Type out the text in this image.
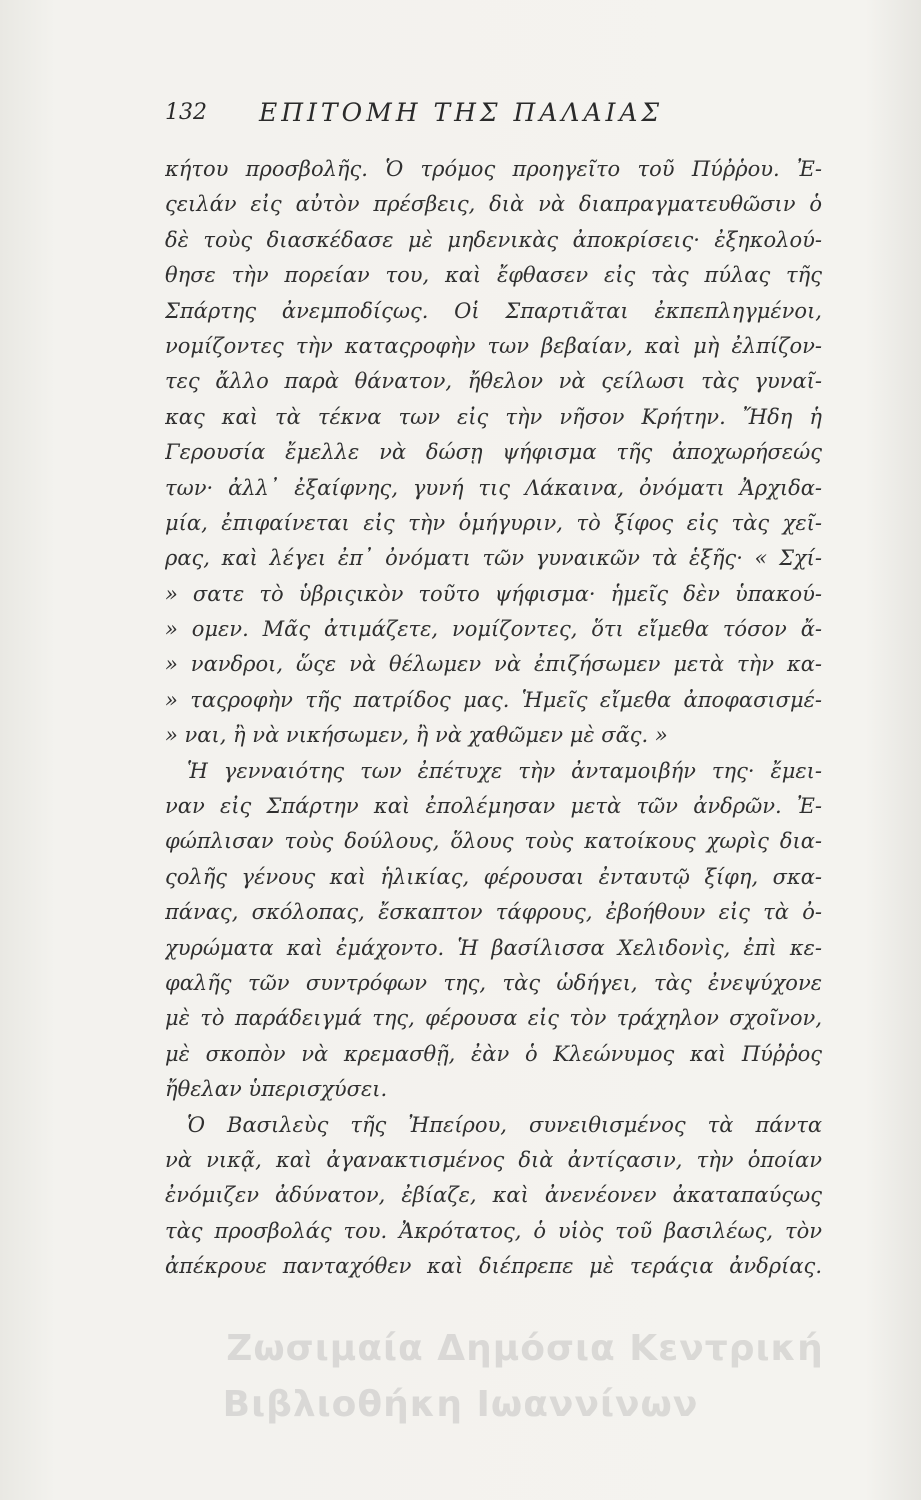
132 ΕΠΙΤΟΜΗ ΤΗΣ ΠΑΛΑΙΑΣ
κήτου προσβολῆς. Ὁ τρόμος προηγεῖτο τοῦ Πύῤῥου. Ἐ-
ςειλάν εἰς αὐτὸν πρέσβεις, διὰ νὰ διαπραγματευθῶσιν ὁ
δὲ τοὺς διασκέδασε μὲ μηδενικὰς ἀποκρίσεις· ἐξηκολού-
θησε τὴν πορείαν του, καὶ ἔφθασεν εἰς τὰς πύλας τῆς
Σπάρτης ἀνεμποδίςως. Οἱ Σπαρτιᾶται ἐκπεπληγμένοι,
νομίζοντες τὴν καταςροφὴν των βεβαίαν, καὶ μὴ ἐλπίζον-
τες ἄλλο παρὰ θάνατον, ἤθελον νὰ ςείλωσι τὰς γυναῖ-
κας καὶ τὰ τέκνα των εἰς τὴν νῆσον Κρήτην. Ἤδη ἡ
Γερουσία ἔμελλε νὰ δώσῃ ψήφισμα τῆς ἀποχωρήσεώς
των· ἀλλ᾽ ἐξαίφνης, γυνή τις Λάκαινα, ὀνόματι Ἀρχιδα-
μία, ἐπιφαίνεται εἰς τὴν ὁμήγυριν, τὸ ξίφος εἰς τὰς χεῖ-
ρας, καὶ λέγει ἐπ᾽ ὀνόματι τῶν γυναικῶν τὰ ἑξῆς· « Σχί-
» σατε τὸ ὑβριςικὸν τοῦτο ψήφισμα· ἡμεῖς δὲν ὑπακού-
» ομεν. Μᾶς ἀτιμάζετε, νομίζοντες, ὅτι εἴμεθα τόσον ἄ-
» νανδροι, ὥςε νὰ θέλωμεν νὰ ἐπιζήσωμεν μετὰ τὴν κα-
» ταςροφὴν τῆς πατρίδος μας. Ἡμεῖς εἴμεθα ἀποφασισμέ-
» ναι, ἢ νὰ νικήσωμεν, ἢ νὰ χαθῶμεν μὲ σᾶς. »
Ἡ γενναιότης των ἐπέτυχε τὴν ἀνταμοιβήν της· ἔμει-
ναν εἰς Σπάρτην καὶ ἐπολέμησαν μετὰ τῶν ἀνδρῶν. Ἐ-
φώπλισαν τοὺς δούλους, ὅλους τοὺς κατοίκους χωρὶς δια-
ςολῆς γένους καὶ ἡλικίας, φέρουσαι ἐνταυτῷ ξίφη, σκα-
πάνας, σκόλοπας, ἔσκαπτον τάφρους, ἐβοήθουν εἰς τὰ ὀ-
χυρώματα καὶ ἐμάχοντο. Ἡ βασίλισσα Χελιδονὶς, ἐπὶ κε-
φαλῆς τῶν συντρόφων της, τὰς ὡδήγει, τὰς ἐνεψύχονε
μὲ τὸ παράδειγμά της, φέρουσα εἰς τὸν τράχηλον σχοῖνον,
μὲ σκοπὸν νὰ κρεμασθῇ, ἐὰν ὁ Κλεώνυμος καὶ Πύῤῥος
ἤθελαν ὑπερισχύσει.
Ὁ Βασιλεὺς τῆς Ἠπείρου, συνειθισμένος τὰ πάντα
νὰ νικᾷ, καὶ ἀγανακτισμένος διὰ ἀντίςασιν, τὴν ὁποίαν
ἐνόμιζεν ἀδύνατον, ἐβίαζε, καὶ ἀνενέονεν ἀκαταπαύςως
τὰς προσβολάς του. Ἀκρότατος, ὁ υἱὸς τοῦ βασιλέως, τὸν
ἀπέκρουε πανταχόθεν καὶ διέπρεπε μὲ τεράςια ἀνδρίας.
Ζωσιμαία Δημόσια Κεντρική
Βιβλιοθήκη Ιωαννίνων
